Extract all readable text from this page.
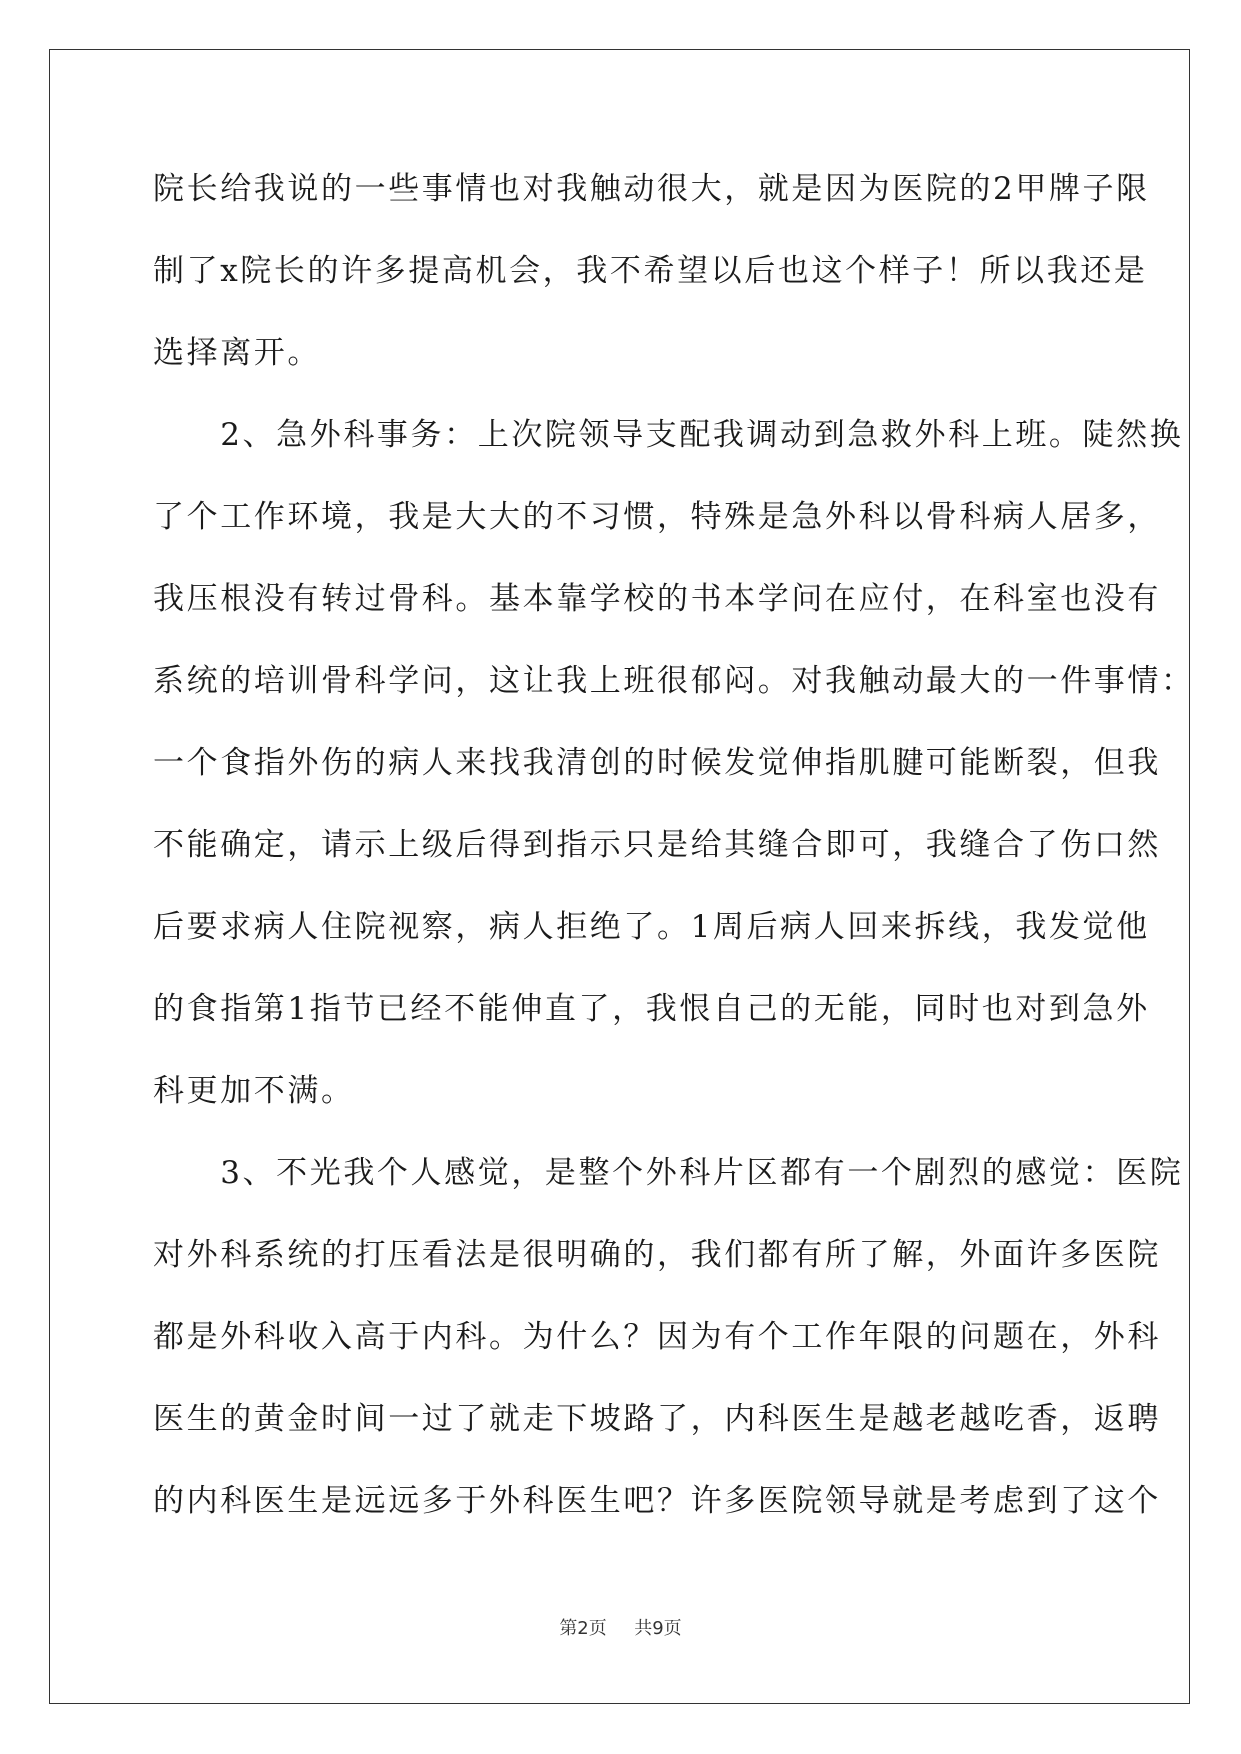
院长给我说的一些事情也对我触动很大，就是因为医院的2甲牌子限
制了x院长的许多提高机会，我不希望以后也这个样子！所以我还是
选择离开。
　　2、急外科事务：上次院领导支配我调动到急救外科上班。陡然换
了个工作环境，我是大大的不习惯，特殊是急外科以骨科病人居多，
我压根没有转过骨科。基本靠学校的书本学问在应付，在科室也没有
系统的培训骨科学问，这让我上班很郁闷。对我触动最大的一件事情：
一个食指外伤的病人来找我清创的时候发觉伸指肌腱可能断裂，但我
不能确定，请示上级后得到指示只是给其缝合即可，我缝合了伤口然
后要求病人住院视察，病人拒绝了。1周后病人回来拆线，我发觉他
的食指第1指节已经不能伸直了，我恨自己的无能，同时也对到急外
科更加不满。
　　3、不光我个人感觉，是整个外科片区都有一个剧烈的感觉：医院
对外科系统的打压看法是很明确的，我们都有所了解，外面许多医院
都是外科收入高于内科。为什么？因为有个工作年限的问题在，外科
医生的黄金时间一过了就走下坡路了，内科医生是越老越吃香，返聘
的内科医生是远远多于外科医生吧？许多医院领导就是考虑到了这个
第2页 共9页
